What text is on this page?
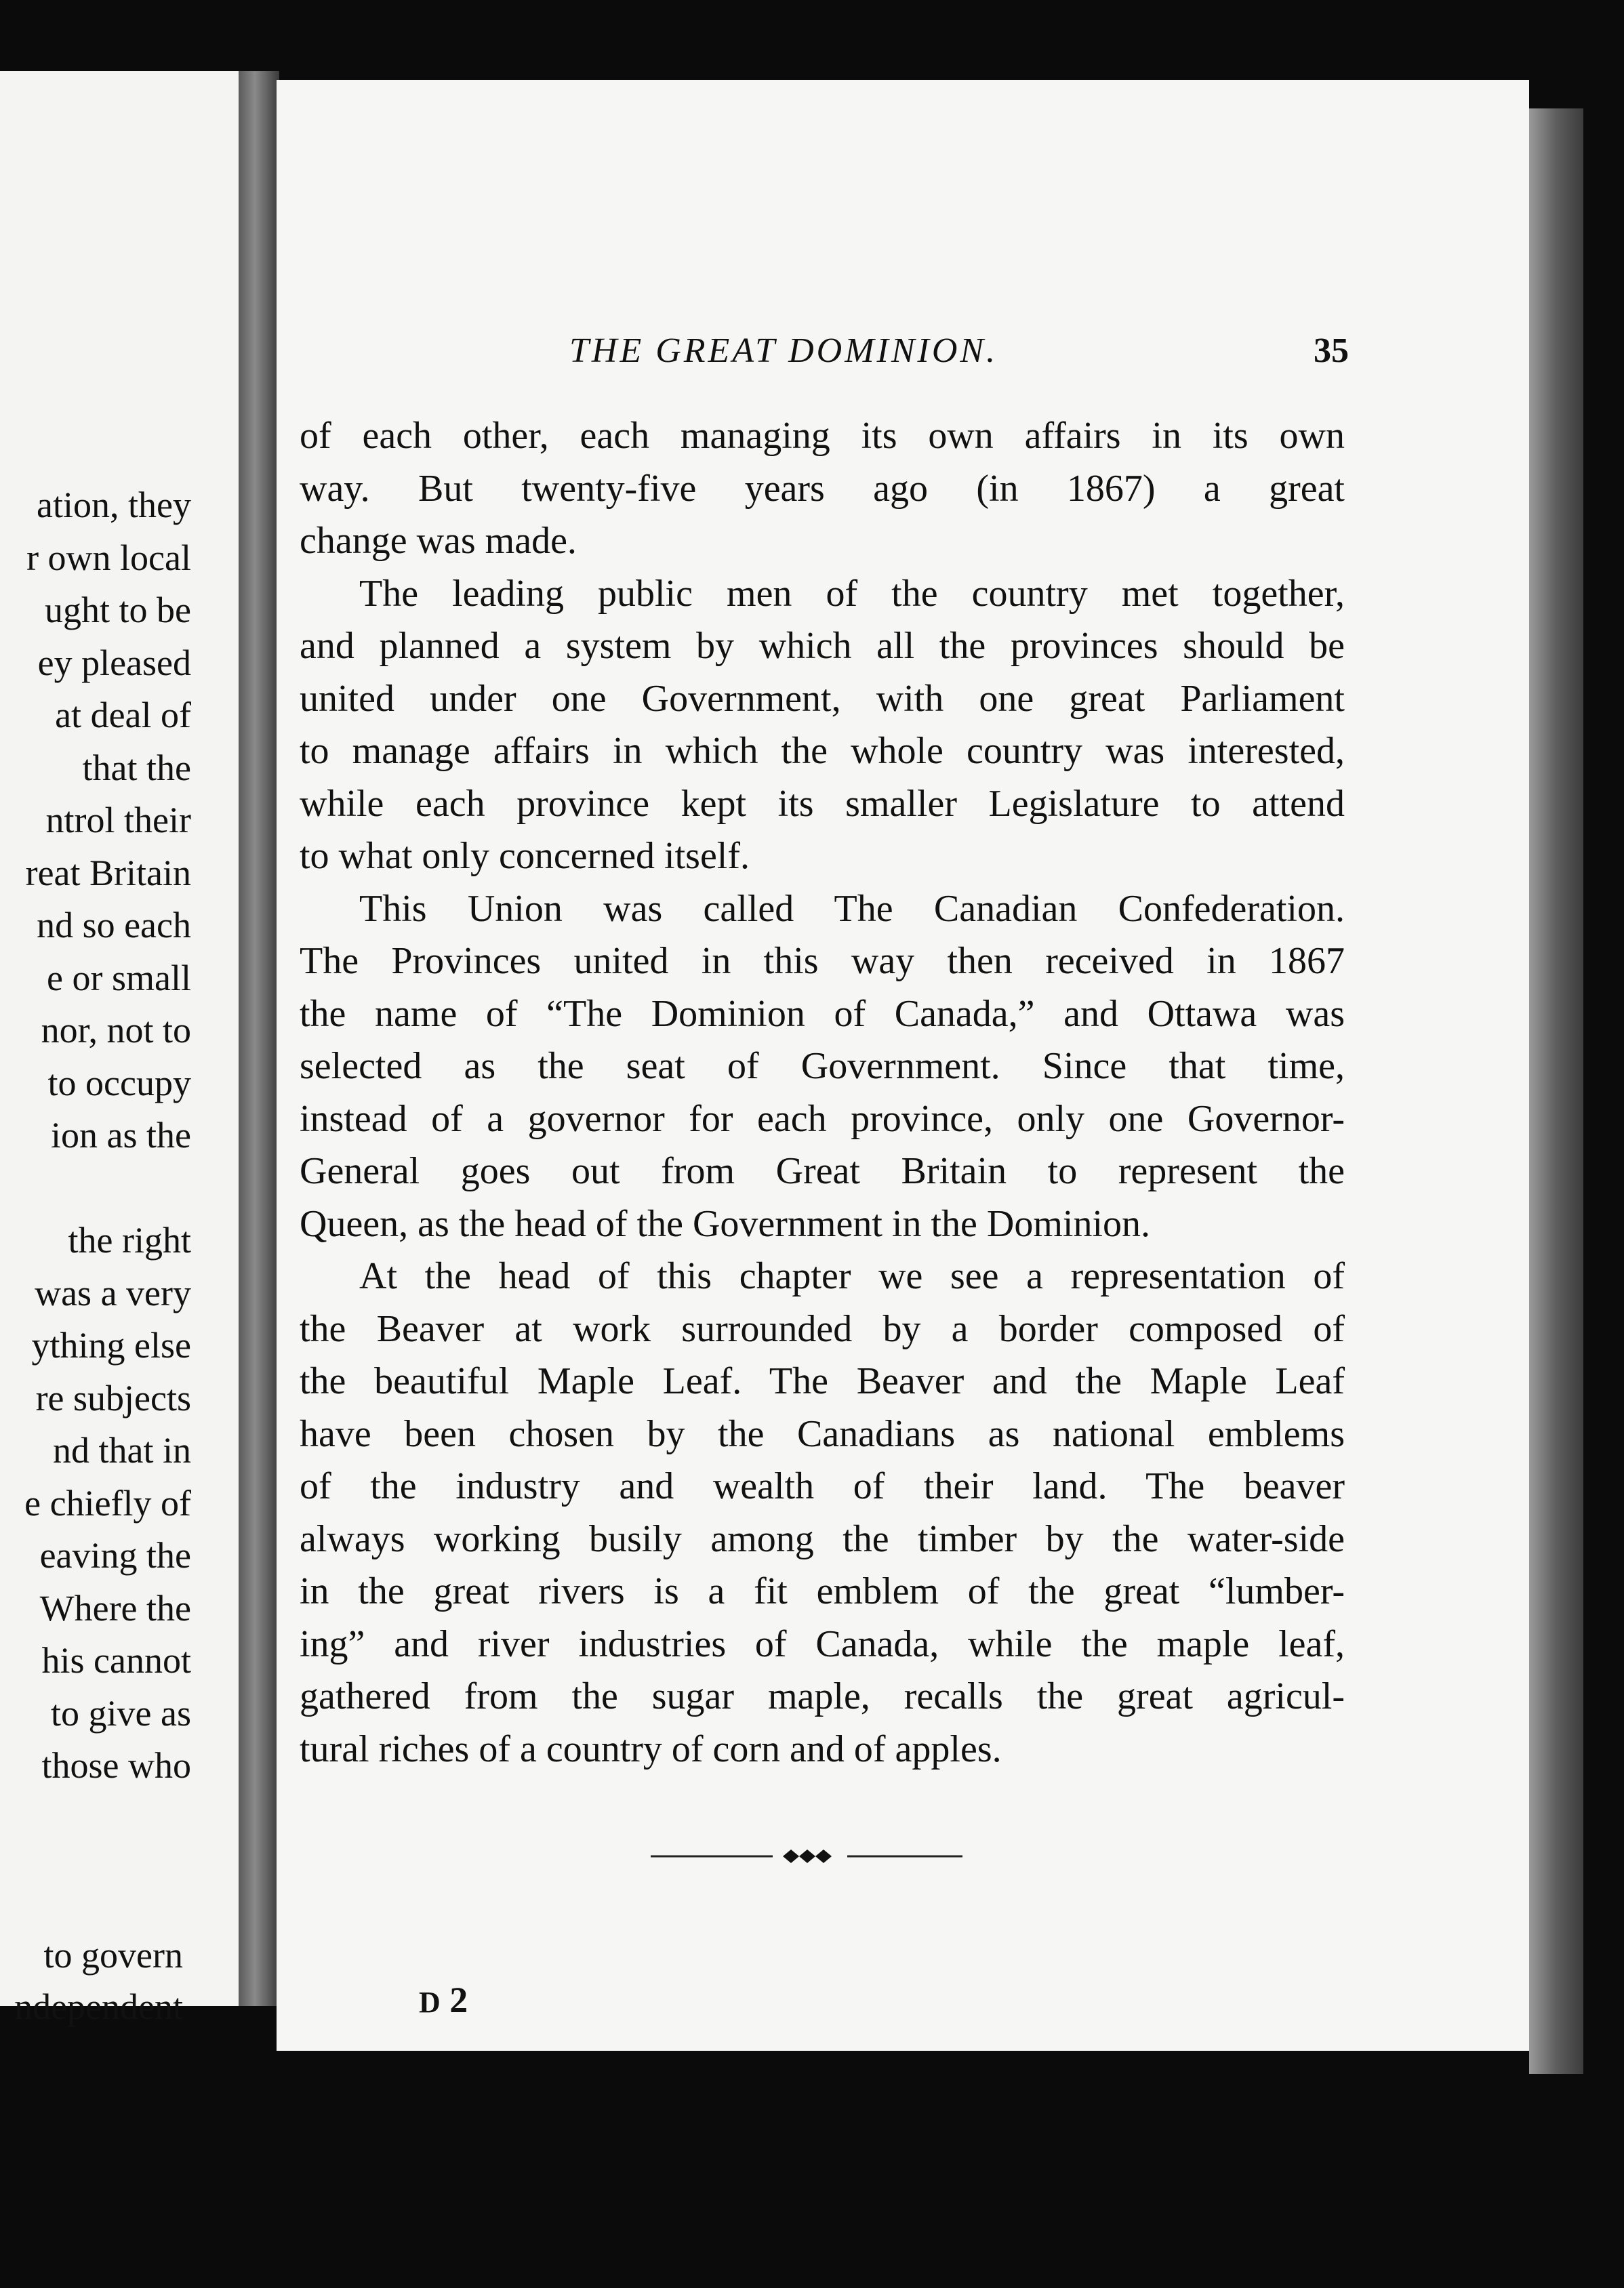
ation, they
r own local
ught to be
ey pleased
at deal of
that the
ntrol their
reat Britain
nd so each
e or small
nor, not to
to occupy
ion as the
the right
was a very
ything else
re subjects
nd that in
e chiefly of
eaving the
Where the
his cannot
to give as
those who
to govern
ndependent
THE GREAT DOMINION.	35
of each other, each managing its own affairs in its own
way. But twenty-five years ago (in 1867) a great
change was made.
The leading public men of the country met together,
and planned a system by which all the provinces should be
united under one Government, with one great Parliament
to manage affairs in which the whole country was interested,
while each province kept its smaller Legislature to attend
to what only concerned itself.
This Union was called The Canadian Confederation.
The Provinces united in this way then received in 1867
the name of “The Dominion of Canada,” and Ottawa was
selected as the seat of Government. Since that time,
instead of a governor for each province, only one Governor-
General goes out from Great Britain to represent the
Queen, as the head of the Government in the Dominion.
At the head of this chapter we see a representation of
the Beaver at work surrounded by a border composed of
the beautiful Maple Leaf. The Beaver and the Maple Leaf
have been chosen by the Canadians as national emblems
of the industry and wealth of their land. The beaver
always working busily among the timber by the water-side
in the great rivers is a fit emblem of the great “lumber-
ing” and river industries of Canada, while the maple leaf,
gathered from the sugar maple, recalls the great agricul-
tural riches of a country of corn and of apples.
D 2
